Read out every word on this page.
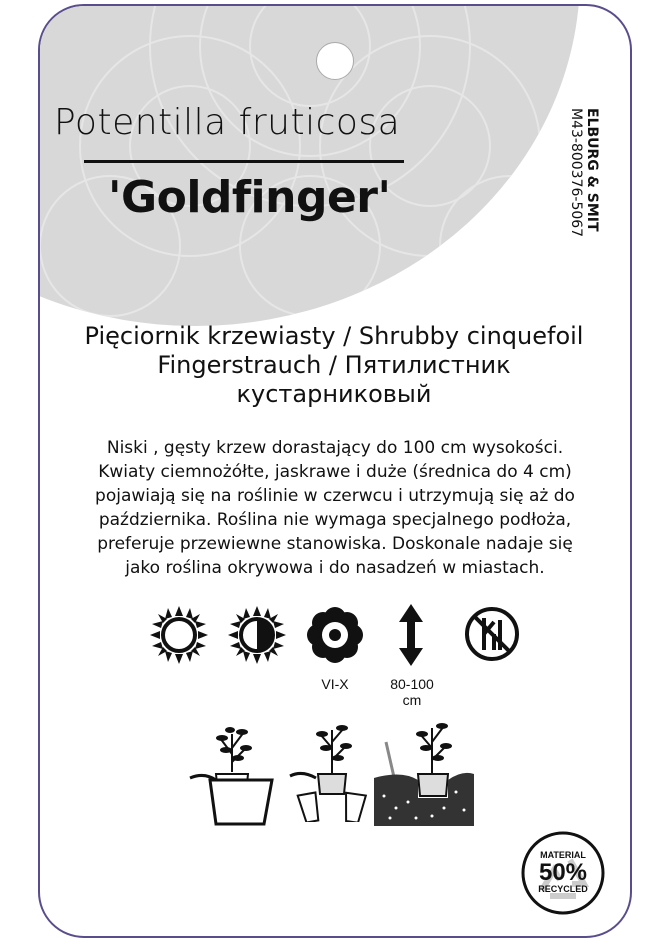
Potentilla fruticosa
'Goldfinger'	ELBURG & SMIT
M43-800376-5067
Pięciornik krzewiasty / Shrubby cinquefoil
Fingerstrauch / Пятилистник
кустарниковый
Niski , gęsty krzew dorastający do 100 cm wysokości.
Kwiaty ciemnożółte, jaskrawe i duże (średnica do 4 cm)
pojawiają się na roślinie w czerwcu i utrzymują się aż do
października. Roślina nie wymaga specjalnego podłoża,
preferuje przewiewne stanowiska. Doskonale nadaje się
jako roślina okrywowa i do nasadzeń w miastach.
VI-X	80-100
cm
MATERIAL
50%
RECYCLED
